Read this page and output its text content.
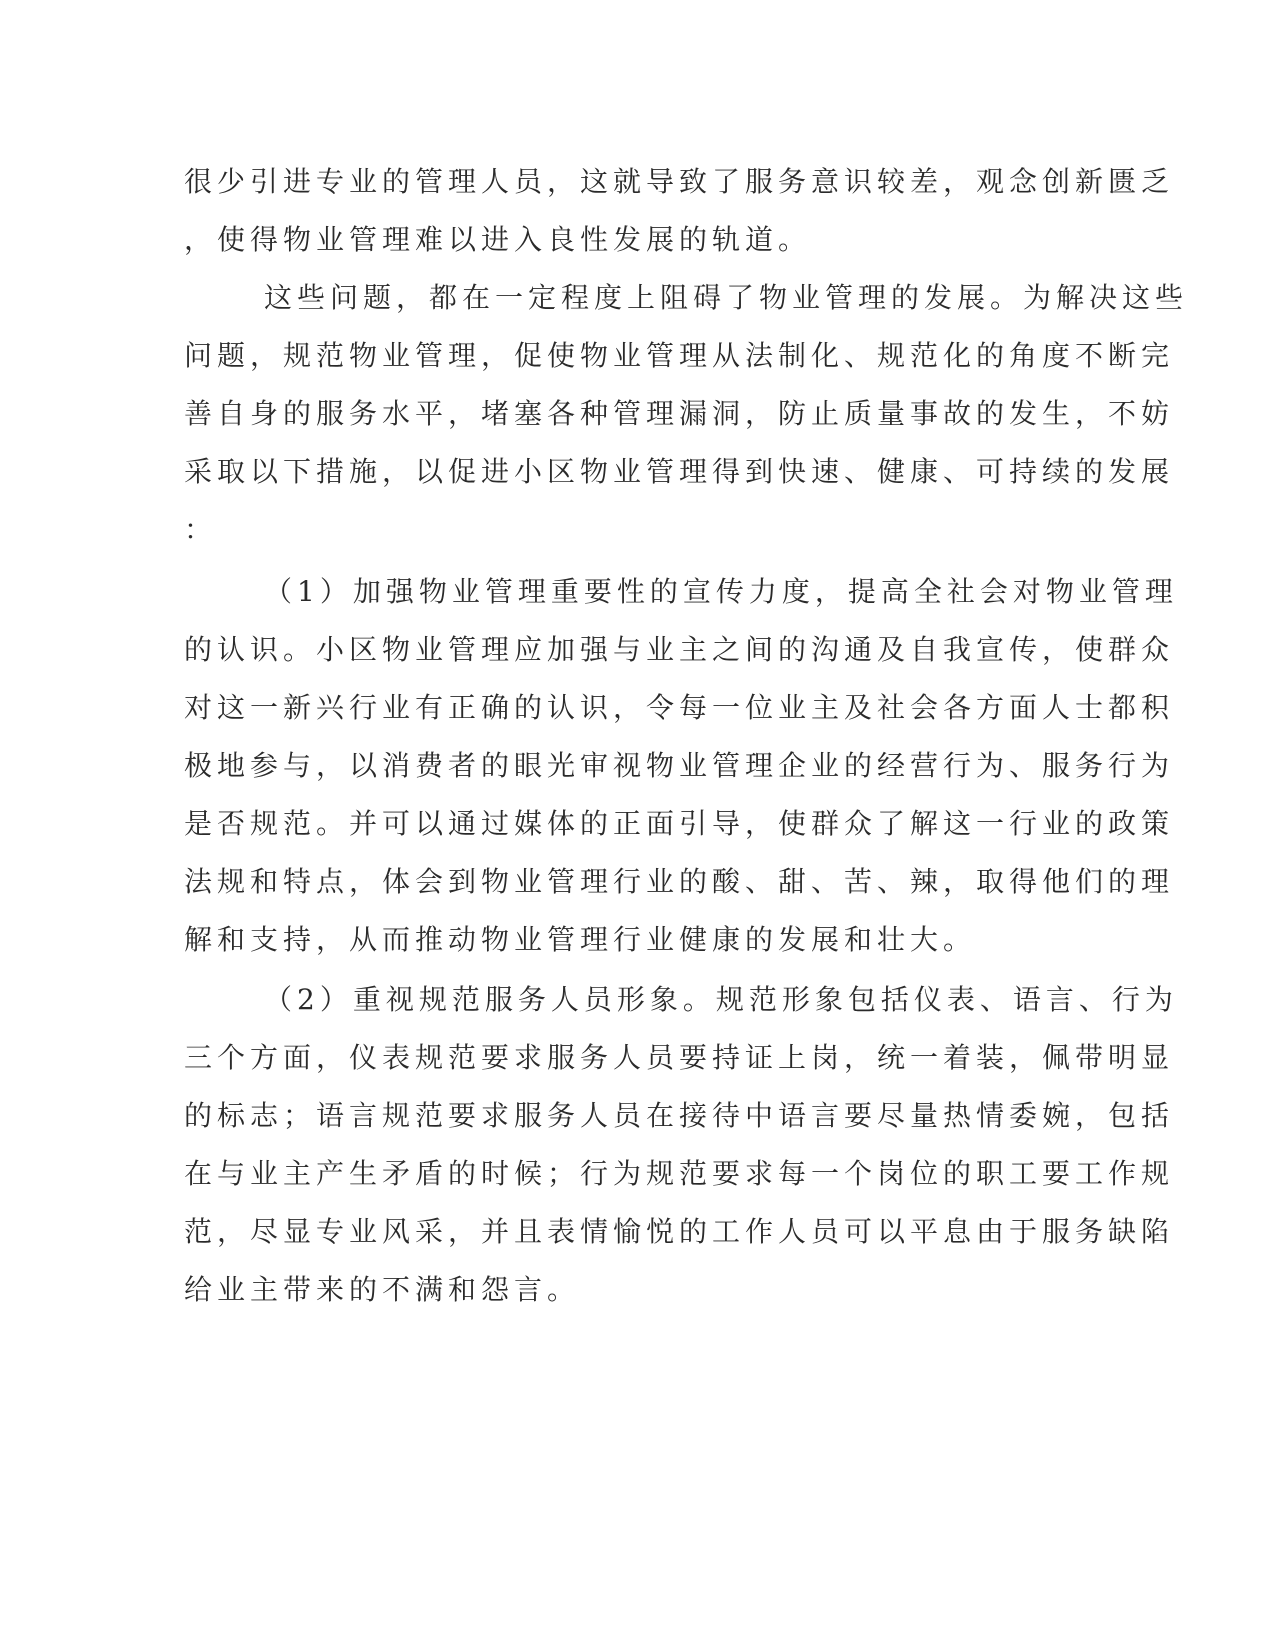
很少引进专业的管理人员，这就导致了服务意识较差，观念创新匮乏
，使得物业管理难以进入良性发展的轨道。
这些问题，都在一定程度上阻碍了物业管理的发展。为解决这些
问题，规范物业管理，促使物业管理从法制化、规范化的角度不断完
善自身的服务水平，堵塞各种管理漏洞，防止质量事故的发生，不妨
采取以下措施，以促进小区物业管理得到快速、健康、可持续的发展
：
（1）加强物业管理重要性的宣传力度，提高全社会对物业管理
的认识。小区物业管理应加强与业主之间的沟通及自我宣传，使群众
对这一新兴行业有正确的认识，令每一位业主及社会各方面人士都积
极地参与，以消费者的眼光审视物业管理企业的经营行为、服务行为
是否规范。并可以通过媒体的正面引导，使群众了解这一行业的政策
法规和特点，体会到物业管理行业的酸、甜、苦、辣，取得他们的理
解和支持，从而推动物业管理行业健康的发展和壮大。
（2）重视规范服务人员形象。规范形象包括仪表、语言、行为
三个方面，仪表规范要求服务人员要持证上岗，统一着装，佩带明显
的标志；语言规范要求服务人员在接待中语言要尽量热情委婉，包括
在与业主产生矛盾的时候；行为规范要求每一个岗位的职工要工作规
范，尽显专业风采，并且表情愉悦的工作人员可以平息由于服务缺陷
给业主带来的不满和怨言。
